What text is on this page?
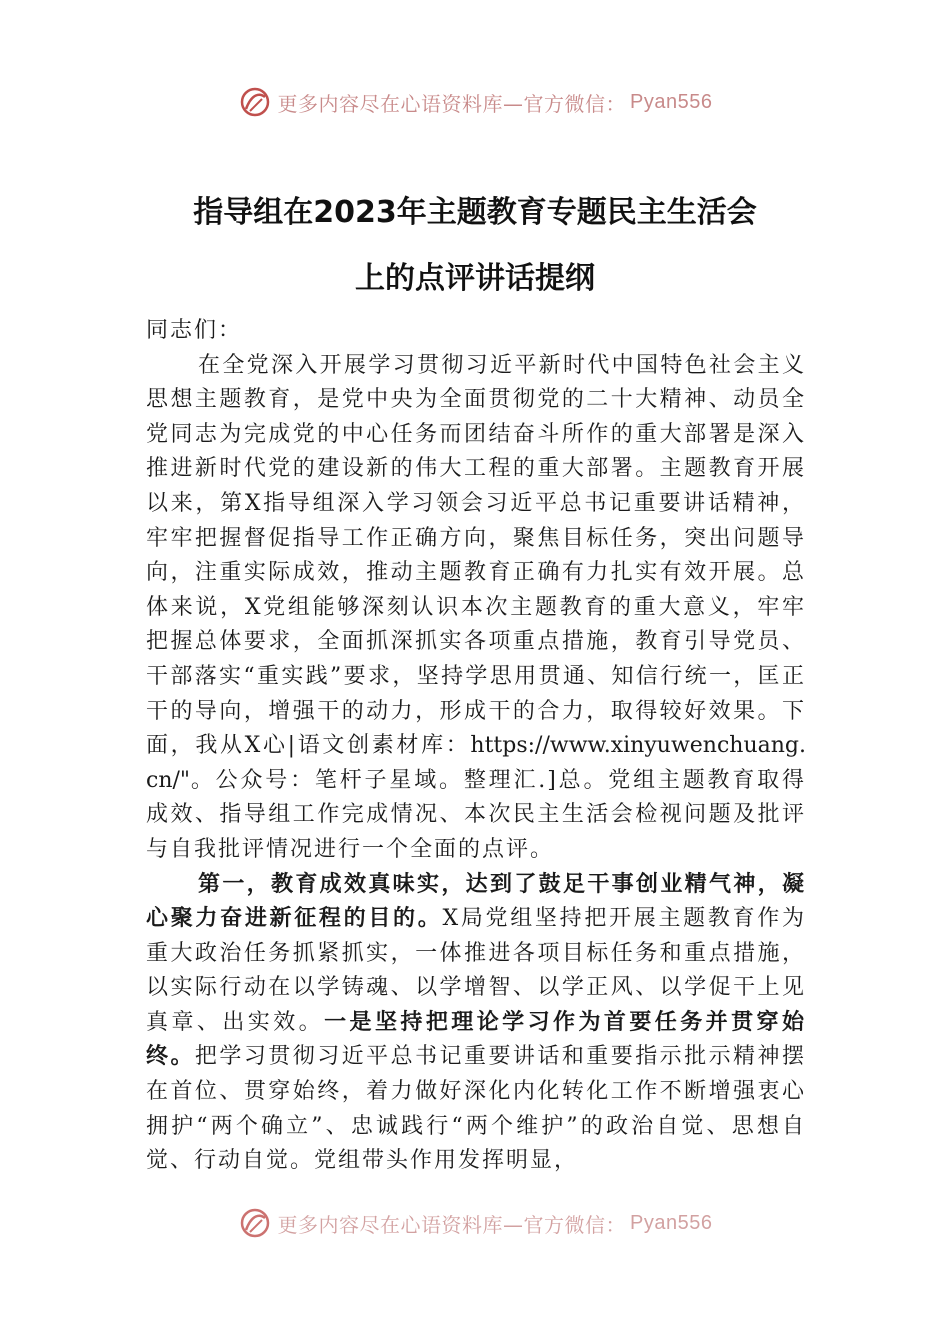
更多内容尽在心语资料库—官方微信： Pyan556
指导组在2023年主题教育专题民主生活会
上的点评讲话提纲

同志们：

在全党深入开展学习贯彻习近平新时代中国特色社会主义思想主题教育，是党中央为全面贯彻党的二十大精神、动员全党同志为完成党的中心任务而团结奋斗所作的重大部署是深入推进新时代党的建设新的伟大工程的重大部署。主题教育开展以来，第X指导组深入学习领会习近平总书记重要讲话精神，牢牢把握督促指导工作正确方向，聚焦目标任务，突出问题导向，注重实际成效，推动主题教育正确有力扎实有效开展。总体来说，X党组能够深刻认识本次主题教育的重大意义，牢牢把握总体要求，全面抓深抓实各项重点措施，教育引导党员、干部落实“重实践”要求，坚持学思用贯通、知信行统一，匡正干的导向，增强干的动力，形成干的合力，取得较好效果。下面，我从X心|语文创素材库：https://www.xinyuwenchuang.cn/"。公众号：笔杆子星域。整理汇.]总。党组主题教育取得成效、指导组工作完成情况、本次民主生活会检视问题及批评与自我批评情况进行一个全面的点评。

第一，教育成效真味实，达到了鼓足干事创业精气神，凝心聚力奋进新征程的目的。X局党组坚持把开展主题教育作为重大政治任务抓紧抓实，一体推进各项目标任务和重点措施，以实际行动在以学铸魂、以学增智、以学正风、以学促干上见真章、出实效。一是坚持把理论学习作为首要任务并贯穿始终。把学习贯彻习近平总书记重要讲话和重要指示批示精神摆在首位、贯穿始终，着力做好深化内化转化工作不断增强衷心拥护“两个确立”、忠诚践行“两个维护”的政治自觉、思想自觉、行动自觉。党组带头作用发挥明显，

更多内容尽在心语资料库—官方微信： Pyan556
